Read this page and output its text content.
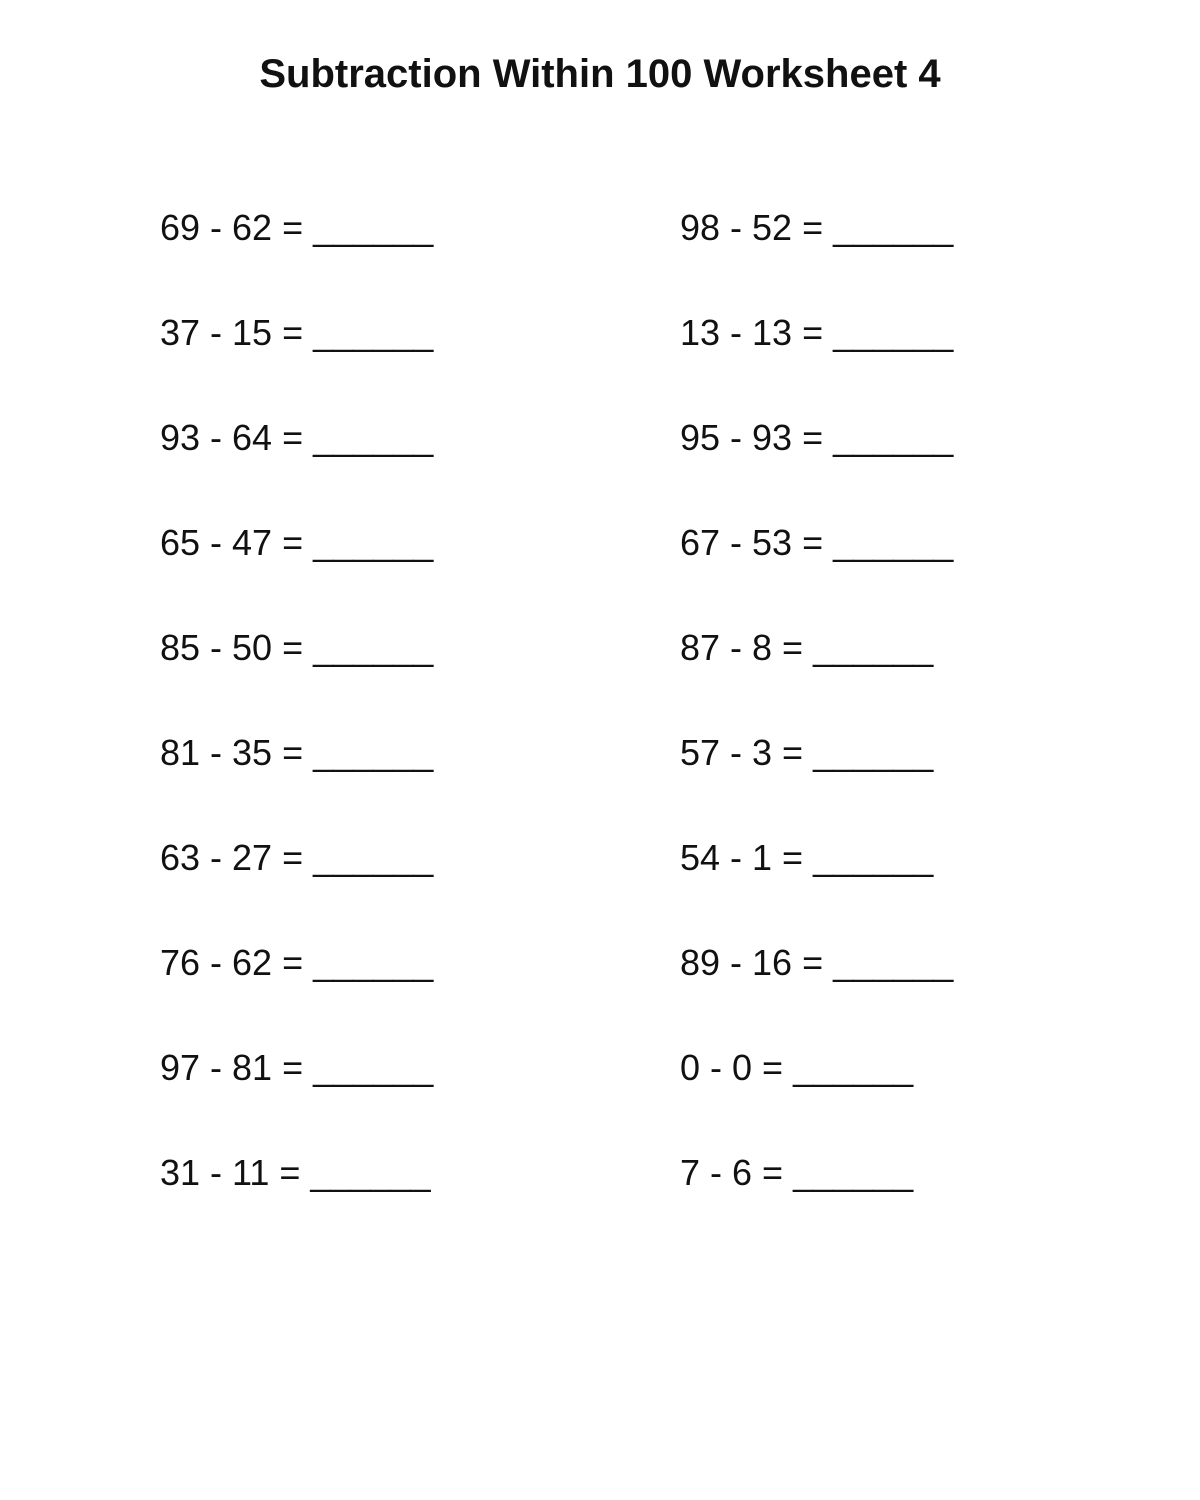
Subtraction Within 100 Worksheet 4
69 - 62 = ______
37 - 15 = ______
93 - 64 = ______
65 - 47 = ______
85 - 50 = ______
81 - 35 = ______
63 - 27 = ______
76 - 62 = ______
97 - 81 = ______
31 - 11 = ______
98 - 52 = ______
13 - 13 = ______
95 - 93 = ______
67 - 53 = ______
87 - 8 = ______
57 - 3 = ______
54 - 1 = ______
89 - 16 = ______
0 - 0 = ______
7 - 6 = ______
